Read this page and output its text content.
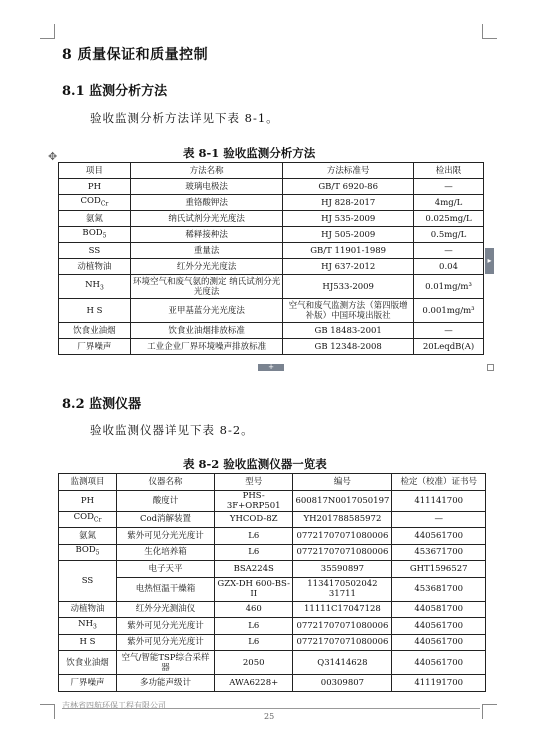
8 质量保证和质量控制
8.1 监测分析方法
验收监测分析方法详见下表 8-1。
表 8-1 验收监测分析方法
✥
项目	方法名称	方法标准号	检出限
PH	玻璃电极法	GB/T 6920-86	—
$COD_{Cr}$	重铬酸钾法	HJ 828-2017	4mg/L
氨氮	纳氏试剂分光光度法	HJ 535-2009	0.025mg/L
$BOD_5$	稀释接种法	HJ 505-2009	0.5mg/L
SS	重量法	GB/T 11901-1989	—
动植物油	红外分光光度法	HJ 637-2012	0.04
$NH_3$	环境空气和废气氨的测定 纳氏试剂分光光度法	HJ533-2009	0.01mg/m³
H S	亚甲基蓝分光光度法	空气和废气监测方法（第四版增补版）中国环境出版社	0.001mg/m³
饮食业油烟	饮食业油烟排放标准	GB 18483-2001	—
厂界噪声	工业企业厂界环境噪声排放标准	GB 12348-2008	20LeqdB(A)
+
▸
8.2 监测仪器
验收监测仪器详见下表 8-2。
表 8-2 验收监测仪器一览表
监测项目	仪器名称	型号	编号	检定（校准）证书号
PH	酸度计	PHS-3F+ORP501	600817N0017050197	411141700
$COD_{Cr}$	Cod消解装置	YHCOD-8Z	YH201788585972	—
氨氮	紫外可见分光光度计	L6	07721707071080006	440561700
$BOD_5$	生化培养箱	L6	07721707071080006	453671700
SS	电子天平	BSA224S	35590897	GHT1596527
	电热恒温干燥箱	GZX-DH 600-BS-II	1134170502042 31711	453681700
动植物油	红外分光测油仪	460	11111C17047128	440581700
$NH_3$	紫外可见分光光度计	L6	07721707071080006	440561700
H S	紫外可见分光光度计	L6	07721707071080006	440561700
饮食业油烟	空气/智能TSP综合采样器	2050	Q31414628	440561700
厂界噪声	多功能声级计	AWA6228+	00309807	411191700
吉林省四航环保工程有限公司
25
